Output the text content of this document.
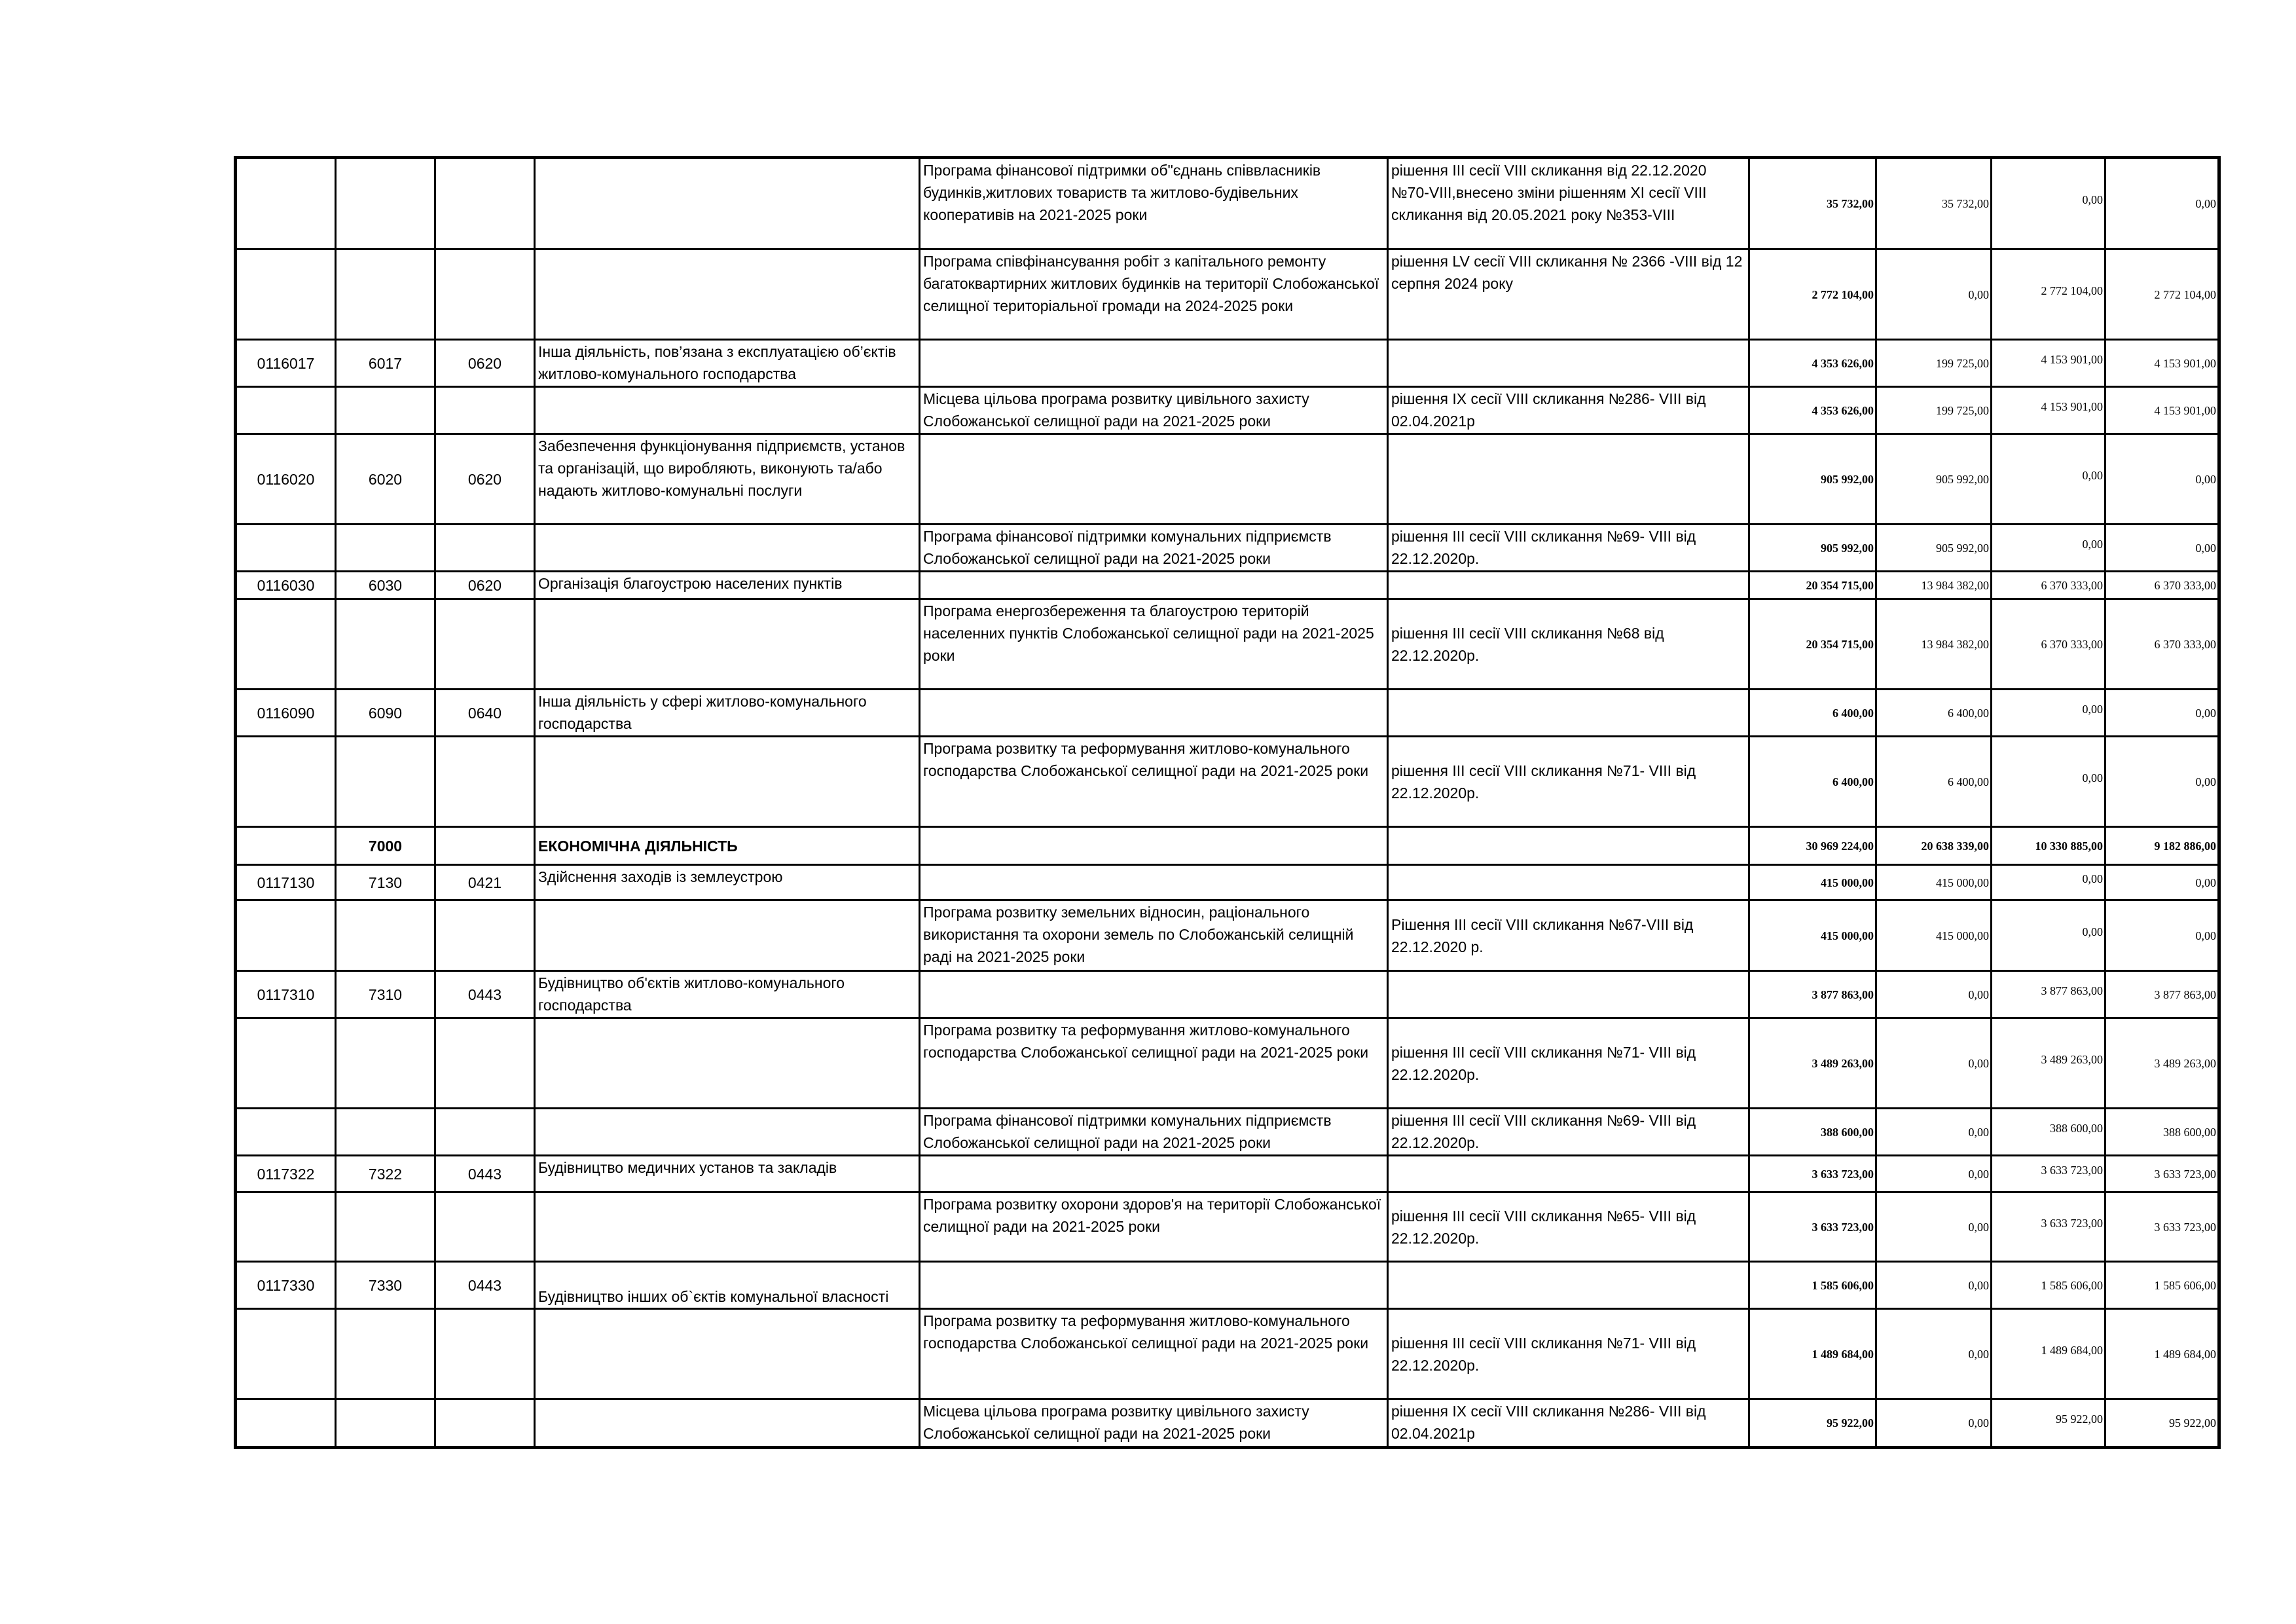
				Програма фінансової підтримки об"єднань співвласників будинків,житлових товариств та житлово-будівельних кооперативів на 2021-2025 роки	рішення ІІІ сесії VIII скликання від 22.12.2020 №70-VIII,внесено зміни рішенням XI сесії VIII скликання від 20.05.2021 року №353-VIII	35 732,00	35 732,00	0,00	0,00
				Програма співфінансування робіт з капітального ремонту багатоквартирних житлових будинків на території Слобожанської селищної територіальної громади на 2024-2025 роки	рішення LV сесії VIII скликання № 2366 -VIII від 12 серпня 2024 року	2 772 104,00	0,00	2 772 104,00	2 772 104,00
0116017	6017	0620	Інша діяльність, пов’язана з експлуатацією об’єктів житлово-комунального господарства			4 353 626,00	199 725,00	4 153 901,00	4 153 901,00
				Місцева цільова програма розвитку цивільного захисту Слобожанської селищної ради на 2021-2025 роки	рішення ІХ сесії VIII скликання №286- VIII від 02.04.2021р	4 353 626,00	199 725,00	4 153 901,00	4 153 901,00
0116020	6020	0620	Забезпечення функціонування підприємств, установ та організацій, що виробляють, виконують та/або надають житлово-комунальні послуги			905 992,00	905 992,00	0,00	0,00
				Програма фінансової підтримки комунальних підприємств Слобожанської селищної ради на 2021-2025 роки	рішення ІІІ сесії VIII скликання №69- VIII від 22.12.2020р.	905 992,00	905 992,00	0,00	0,00
0116030	6030	0620	Організація благоустрою населених пунктів			20 354 715,00	13 984 382,00	6 370 333,00	6 370 333,00
				Програма енергозбереження та благоустрою територій населенних пунктів Слобожанської селищної ради на 2021-2025 роки	рішення ІІІ сесії VIII скликання №68 від 22.12.2020р.	20 354 715,00	13 984 382,00	6 370 333,00	6 370 333,00
0116090	6090	0640	Інша діяльність у сфері житлово-комунального господарства			6 400,00	6 400,00	0,00	0,00
				Програма розвитку та реформування житлово-комунального господарства Слобожанської селищної ради на 2021-2025 роки	рішення ІІІ сесії VIII скликання №71- VIII від 22.12.2020р.	6 400,00	6 400,00	0,00	0,00
	7000		ЕКОНОМІЧНА ДІЯЛЬНІСТЬ			30 969 224,00	20 638 339,00	10 330 885,00	9 182 886,00
0117130	7130	0421	Здійснення заходів із землеустрою			415 000,00	415 000,00	0,00	0,00
				Програма розвитку земельних відносин, раціонального використання та охорони земель по Слобожанській селищній раді на 2021-2025 роки	Рішення ІІІ сесії VIII скликання №67-VIII від 22.12.2020 р.	415 000,00	415 000,00	0,00	0,00
0117310	7310	0443	Будівництво об'єктів житлово-комунального господарства			3 877 863,00	0,00	3 877 863,00	3 877 863,00
				Програма розвитку та реформування житлово-комунального господарства Слобожанської селищної ради на 2021-2025 роки	рішення ІІІ сесії VIII скликання №71- VIII від 22.12.2020р.	3 489 263,00	0,00	3 489 263,00	3 489 263,00
				Програма фінансової підтримки комунальних підприємств Слобожанської селищної ради на 2021-2025 роки	рішення ІІІ сесії VIII скликання №69- VIII від 22.12.2020р.	388 600,00	0,00	388 600,00	388 600,00
0117322	7322	0443	Будівництво медичних установ та закладів			3 633 723,00	0,00	3 633 723,00	3 633 723,00
				Програма розвитку охорони здоров'я на території Слобожанської селищної ради на 2021-2025 роки	рішення ІІІ сесії VIII скликання №65- VIII від 22.12.2020р.	3 633 723,00	0,00	3 633 723,00	3 633 723,00
0117330	7330	0443	Будівництво інших об`єктів комунальної власності			1 585 606,00	0,00	1 585 606,00	1 585 606,00
				Програма розвитку та реформування житлово-комунального господарства Слобожанської селищної ради на 2021-2025 роки	рішення ІІІ сесії VIII скликання №71- VIII від 22.12.2020р.	1 489 684,00	0,00	1 489 684,00	1 489 684,00
				Місцева цільова програма розвитку цивільного захисту Слобожанської селищної ради на 2021-2025 роки	рішення ІХ сесії VIII скликання №286- VIII від 02.04.2021р	95 922,00	0,00	95 922,00	95 922,00
